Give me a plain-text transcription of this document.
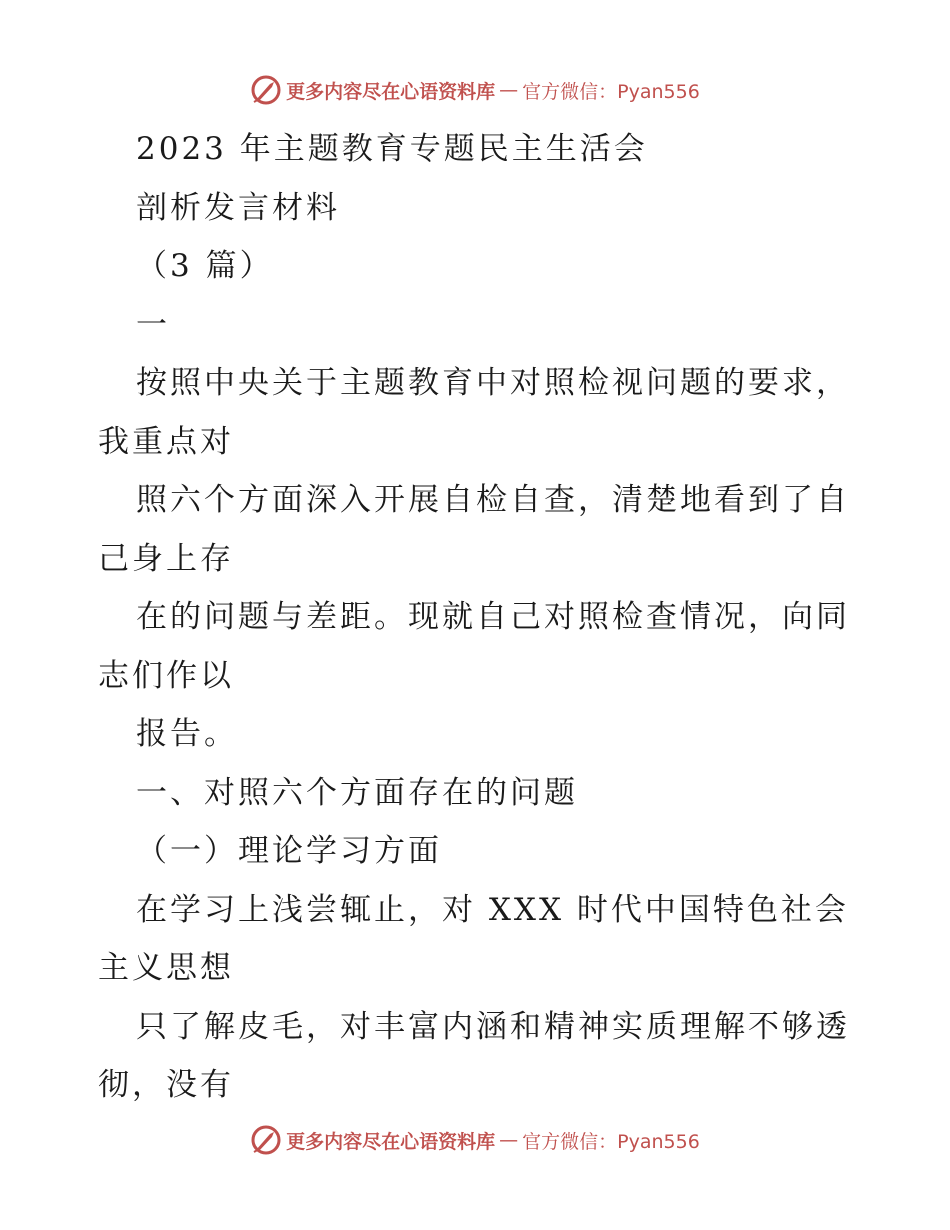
更多内容尽在心语资料库 — 官方微信：Pyan556
2023 年主题教育专题民主生活会
剖析发言材料
（3 篇）
一
按照中央关于主题教育中对照检视问题的要求，
我重点对
照六个方面深入开展自检自查，清楚地看到了自
己身上存
在的问题与差距。现就自己对照检查情况，向同
志们作以
报告。
一、对照六个方面存在的问题
（一）理论学习方面
在学习上浅尝辄止，对 XXX 时代中国特色社会
主义思想
只了解皮毛，对丰富内涵和精神实质理解不够透
彻，没有
更多内容尽在心语资料库 — 官方微信：Pyan556
